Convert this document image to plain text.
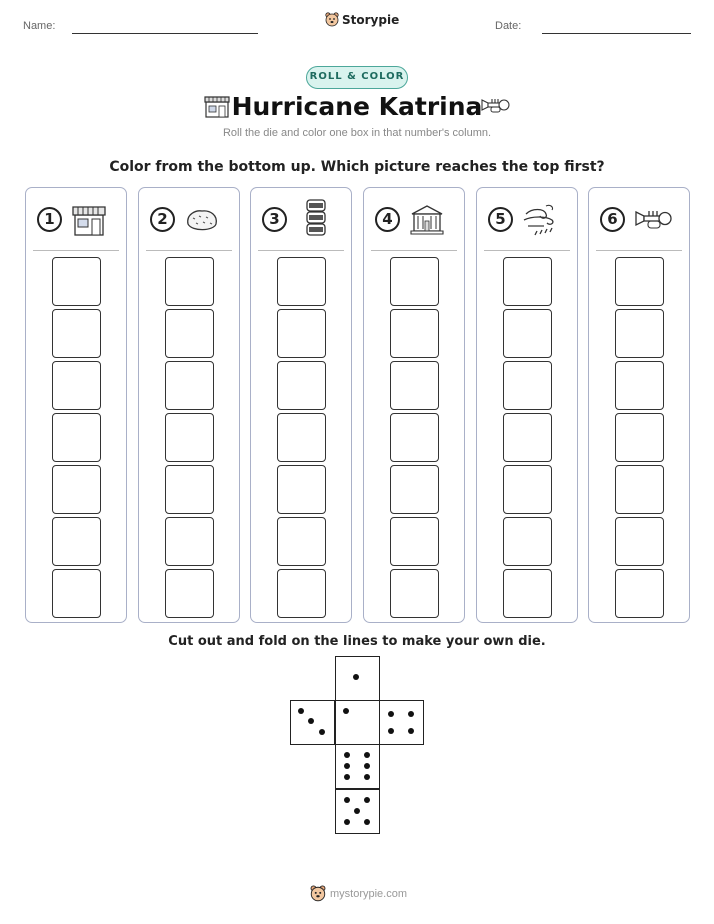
Name:	Storypie	Date:
ROLL & COLOR
Hurricane Katrina
Roll the die and color one box in that number's column.
Color from the bottom up. Which picture reaches the top first?
1	2	3	4	5	6
Cut out and fold on the lines to make your own die.
mystorypie.com
